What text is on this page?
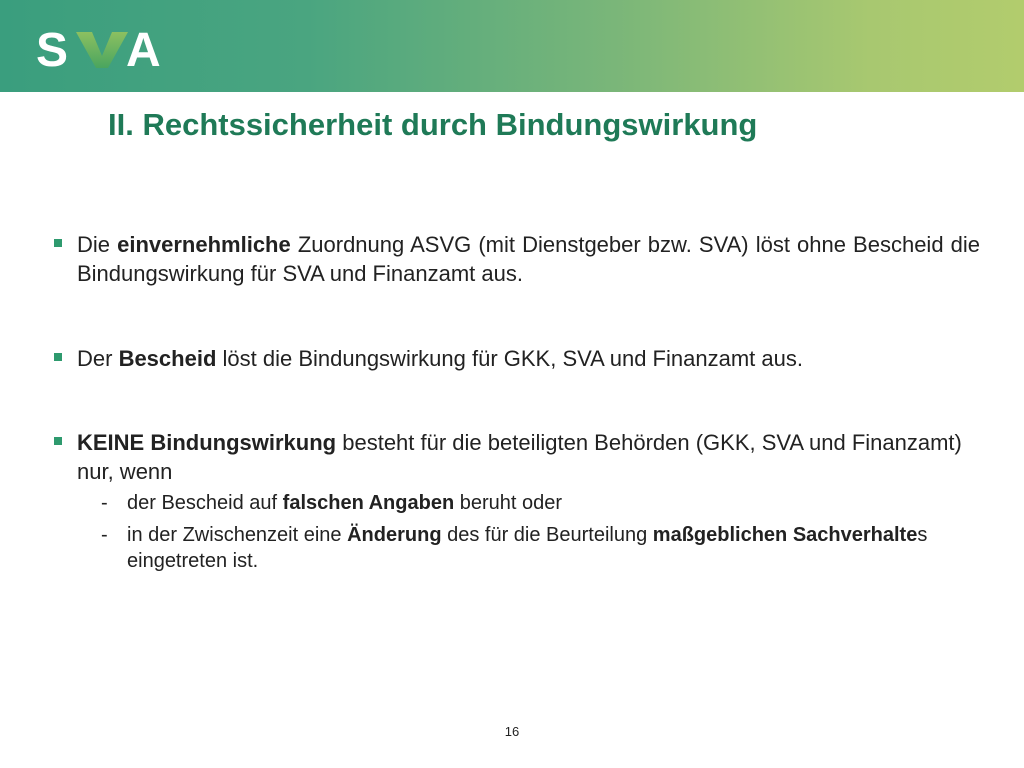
S A
II. Rechtssicherheit durch Bindungswirkung
Die einvernehmliche Zuordnung ASVG (mit Dienstgeber bzw. SVA) löst ohne Bescheid die Bindungswirkung für SVA und Finanzamt aus.
Der Bescheid löst die Bindungswirkung für GKK, SVA und Finanzamt aus.
KEINE Bindungswirkung besteht für die beteiligten Behörden (GKK, SVA und Finanzamt) nur, wenn
- der Bescheid auf falschen Angaben beruht oder
- in der Zwischenzeit eine Änderung des für die Beurteilung maßgeblichen Sachverhaltes eingetreten ist.
16
